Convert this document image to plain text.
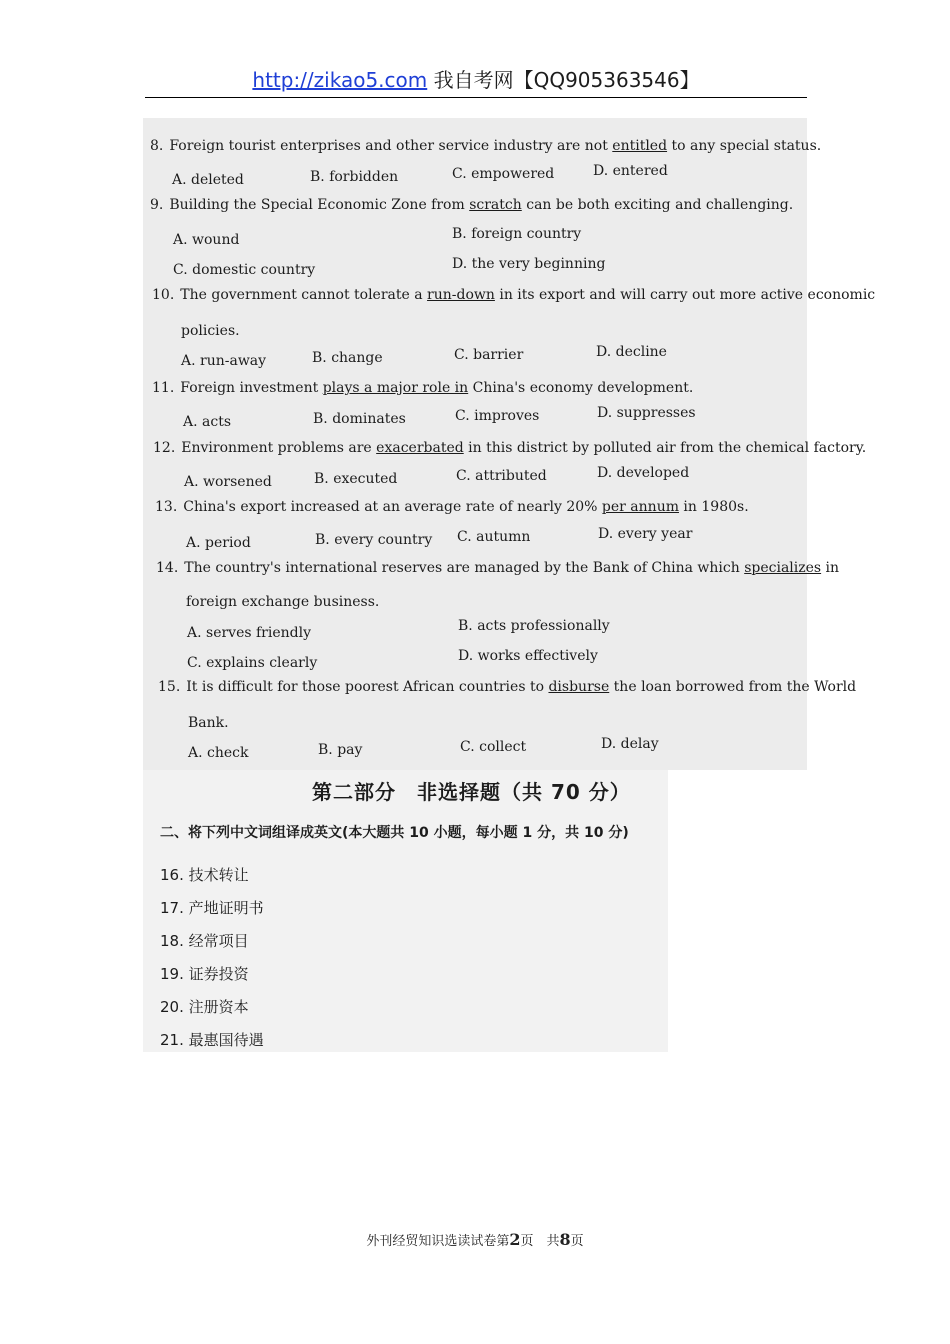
http://zikao5.com 我自考网【QQ905363546】
8. Foreign tourist enterprises and other service industry are not entitled to any special status.
A. deleted	B. forbidden	C. empowered	D. entered
9. Building the Special Economic Zone from scratch can be both exciting and challenging.
A. wound	B. foreign country
C. domestic country	D. the very beginning
10. The government cannot tolerate a run-down in its export and will carry out more active economic
policies.
A. run-away	B. change	C. barrier	D. decline
11. Foreign investment plays a major role in China's economy development.
A. acts	B. dominates	C. improves	D. suppresses
12. Environment problems are exacerbated in this district by polluted air from the chemical factory.
A. worsened	B. executed	C. attributed	D. developed
13. China's export increased at an average rate of nearly 20% per annum in 1980s.
A. period	B. every country C. autumn	D. every year
14. The country's international reserves are managed by the Bank of China which specializes in
foreign exchange business.
A. serves friendly	B. acts professionally
C. explains clearly	D. works effectively
15. It is difficult for those poorest African countries to disburse the loan borrowed from the World
Bank.
A. check	B. pay	C. collect	D. delay
第二部分　非选择题（共 70 分）
二、将下列中文词组译成英文(本大题共 10 小题，每小题 1 分，共 10 分)
16. 技术转让
17. 产地证明书
18. 经常项目
19. 证券投资
20. 注册资本
21. 最惠国待遇
外刊经贸知识选读试卷第2页　共8页
